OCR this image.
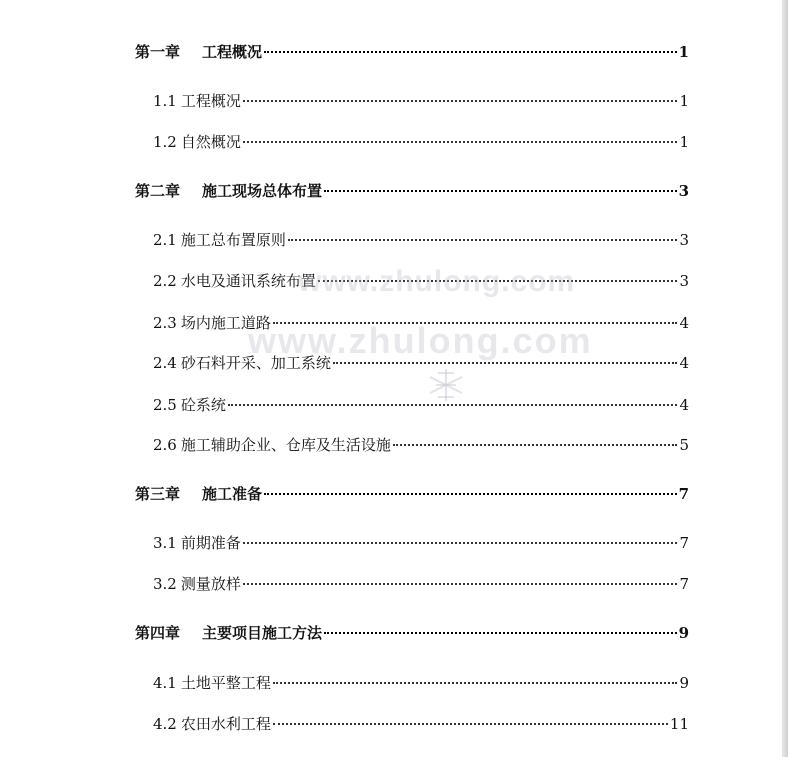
第一章 工程概况	1
1.1 工程概况	1
1.2 自然概况	1
第二章 施工现场总体布置	3
2.1 施工总布置原则	3
2.2 水电及通讯系统布置	3
2.3 场内施工道路	4
2.4 砂石料开采、加工系统	4
2.5 砼系统	4
2.6 施工辅助企业、仓库及生活设施	5
第三章 施工准备	7
3.1 前期准备	7
3.2 测量放样	7
第四章 主要项目施工方法	9
4.1 土地平整工程	9
4.2 农田水利工程	11
www.zhulong.com
www.zhulong.com
